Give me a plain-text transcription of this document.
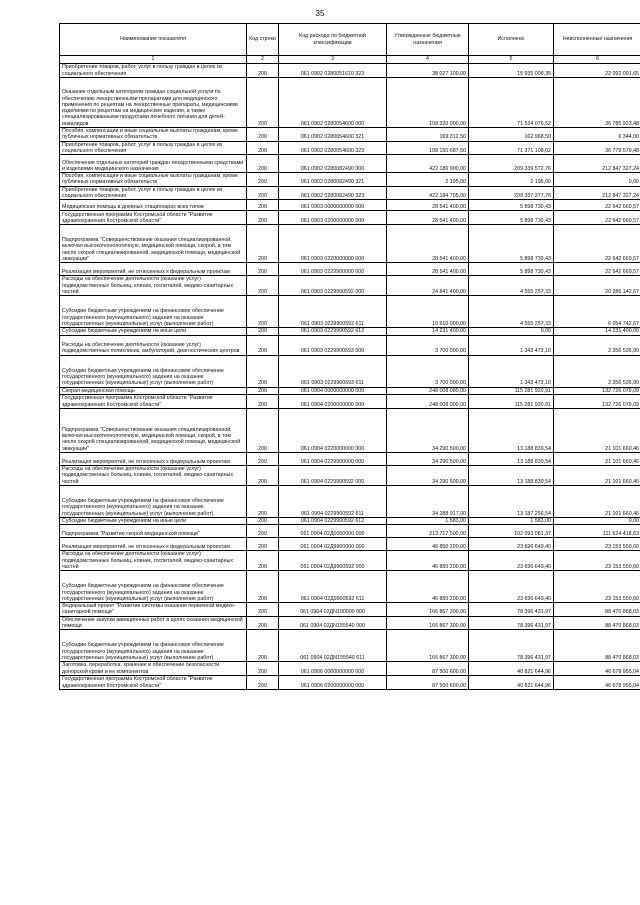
35
Наименование показателя	Код строки	Код расхода по бюджетной классификации	Утвержденные бюджетные назначения	Исполнено	Неисполненные назначения
1	2	3	4	5	6
Приобретение товаров, работ, услуг в пользу граждан в целях их социального обеспечения	200	061 0902 0280051610 323	38 027 100,00	15 935 008,35	22 092 091,65
Оказание отдельным категориям граждан социальной услуги по обеспечению лекарственными препаратами для медицинского применения по рецептам на лекарственные препараты, медицинскими изделиями по рецептам на медицинские изделия, а также специализированными продуктами лечебного питания для детей-инвалидов	200	061 0902 0280054600 000	108 320 000,00	71 534 076,52	36 785 923,48
Пособия, компенсации и иные социальные выплаты гражданам, кроме публичных нормативных обязательств	200	061 0902 0280054600 321	169 312,50	162 968,50	6 344,00
Приобретение товаров, работ, услуг в пользу граждан в целях их социального обеспечения	200	061 0902 0280054600 323	108 150 687,50	71 371 108,02	36 779 579,48
Обеспечение отдельных категорий граждан лекарственными средствами и изделиями медицинского назначения	200	061 0902 0280082490 000	422 186 900,00	209 339 572,76	212 847 327,24
Пособия, компенсации и иные социальные выплаты гражданам, кроме публичных нормативных обязательств	200	061 0902 0280082490 321	2 195,00	2 195,00	0,00
Приобретение товаров, работ, услуг в пользу граждан в целях их социального обеспечения	200	061 0902 0280082490 323	422 184 705,00	209 337 377,76	212 847 327,24
Медицинская помощь в дневных стационарах всех типов	200	061 0903 0000000000 000	28 541 400,00	5 898 730,43	22 642 669,57
Государственная программа Костромской области "Развитие здравоохранения Костромской области"	200	061 0903 0200000000 000	28 541 400,00	5 898 730,43	22 642 669,57
Подпрограмма "Совершенствование оказания специализированной, включая высокотехнологичную, медицинской помощи, скорой, в том числе скорой специализированной, медицинской помощи, медицинской эвакуации"	200	061 0903 0220000000 000	28 541 400,00	5 898 730,43	22 642 669,57
Реализация мероприятий, не отнесенных к федеральным проектам	200	061 0903 0229900000 000	28 541 400,00	5 898 730,43	22 642 669,57
Расходы на обеспечение деятельности (оказание услуг) подведомственных больниц, клиник, госпиталей, медико-санитарных частей	200	061 0903 0229900592 000	24 841 400,00	4 555 257,33	20 286 142,67
Субсидии бюджетным учреждениям на финансовое обеспечение государственного (муниципального) задания на оказание государственных (муниципальных) услуг (выполнение работ)	200	061 0903 0229900592 611	10 610 000,00	4 555 257,33	6 054 742,67
Субсидии бюджетным учреждениям на иные цели	200	061 0903 0229900592 612	14 231 400,00	0,00	14 231 400,00
Расходы на обеспечение деятельности (оказание услуг) подведомственных поликлиник, амбулаторий, диагностических центров	200	061 0903 0229900593 000	3 700 000,00	1 343 473,10	2 356 526,90
Субсидии бюджетным учреждениям на финансовое обеспечение государственного (муниципального) задания на оказание государственных (муниципальных) услуг (выполнение работ)	200	061 0903 0229900593 611	3 700 000,00	1 343 473,10	2 356 526,90
Скорая медицинская помощь	200	061 0904 0000000000 000	248 008 080,00	115 281 920,91	132 726 079,09
Государственная программа Костромской области "Развитие здравоохранения Костромской области"	200	061 0904 0200000000 000	248 008 000,00	115 281 920,91	132 726 079,09
Подпрограмма "Совершенствование оказания специализированной, включая высокотехнологичную, медицинской помощи, скорой, в том числе скорой специализированной, медицинской помощи, медицинской эвакуации"	200	061 0904 0220000000 000	34 290 500,00	13 188 839,54	21 101 660,46
Реализация мероприятий, не отнесенных к федеральным проектам	200	061 0904 0229900000 000	34 290 500,00	13 188 839,54	21 101 660,46
Расходы на обеспечение деятельности (оказание услуг) подведомственных больниц, клиник, госпиталей, медико-санитарных частей	200	061 0904 0229900592 000	34 290 500,00	13 188 839,54	21 101 660,46
Субсидии бюджетным учреждениям на финансовое обеспечение государственного (муниципального) задания на оказание государственных (муниципальных) услуг (выполнение работ)	200	061 0904 0229900592 611	34 288 917,00	13 187 256,54	21 101 660,46
Субсидии бюджетным учреждениям на иные цели	200	061 0904 0229900592 612	1 583,00	1 583,00	0,00
Подпрограмма "Развитие скорой медицинской помощи"	200	061 0904 02Д0000000 000	213 717 500,00	102 093 081,37	111 624 418,63
Реализация мероприятий, не отнесенных к федеральным проектам	200	061 0904 02Д9900000 000	46 850 200,00	23 696 649,40	23 153 550,60
Расходы на обеспечение деятельности (оказание услуг) подведомственных больниц, клиник, госпиталей, медико-санитарных частей	200	061 0904 02Д9900592 000	46 850 200,00	23 696 649,40	23 153 550,60
Субсидии бюджетным учреждениям на финансовое обеспечение государственного (муниципального) задания на оказание государственных (муниципальных) услуг (выполнение работ)	200	061 0904 02Д9900592 611	46 850 200,00	23 696 649,40	23 153 550,60
Федеральный проект "Развитие системы оказания первичной медико-санитарной помощи"	200	061 0904 02ДN100000 000	166 867 300,00	78 396 431,97	88 470 868,03
Обеспечение закупки авиационных работ в целях оказания медицинской помощи	200	061 0904 02ДN155540 000	166 867 300,00	78 396 431,97	88 470 868,03
Субсидии бюджетным учреждениям на финансовое обеспечение государственного (муниципального) задания на оказание государственных (муниципальных) услуг (выполнение работ)	200	061 0904 02ДN155540 611	166 867 300,00	78 396 431,97	88 470 868,03
Заготовка, переработка, хранение и обеспечение безопасности донорской крови и ее компонентов	200	061 0906 0000000000 000	87 500 600,00	40 821 644,96	46 678 955,04
Государственная программа Костромской области "Развитие здравоохранения Костромской области"	200	061 0906 0200000000 000	87 500 600,00	40 821 644,96	46 678 955,04
